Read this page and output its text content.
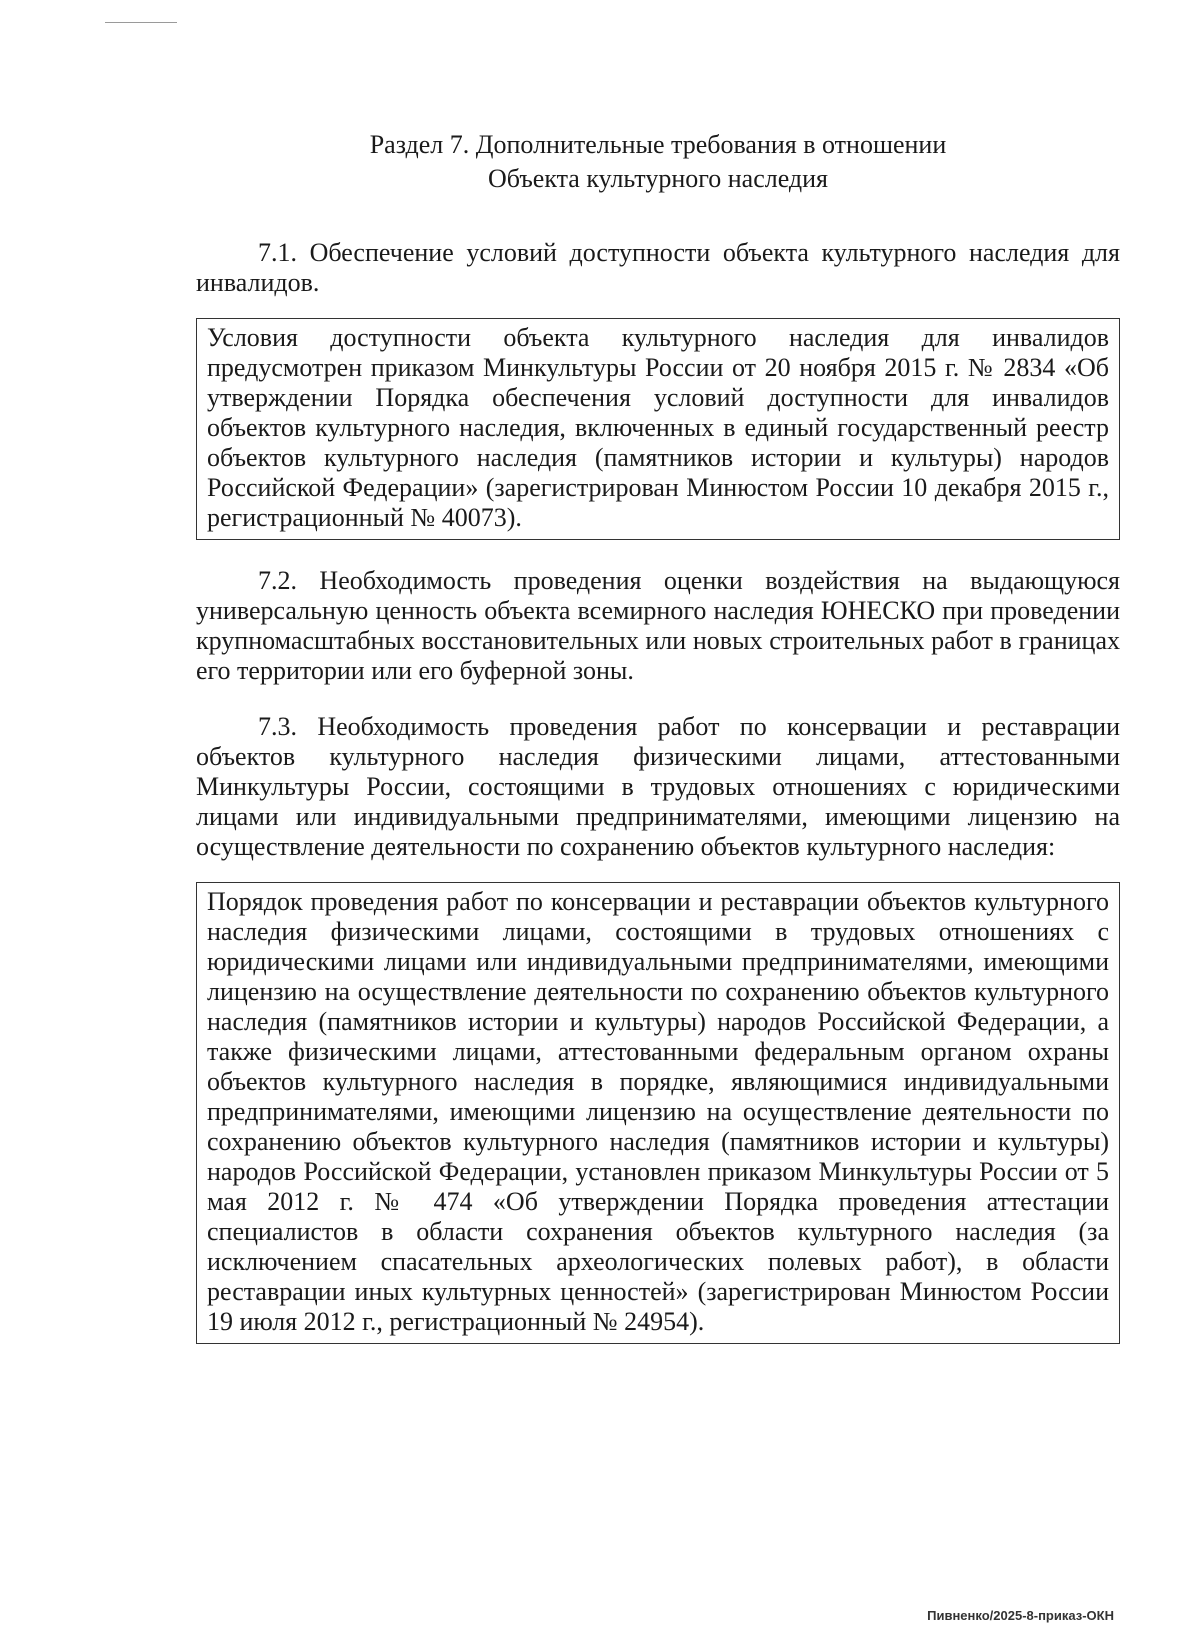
Раздел 7. Дополнительные требования в отношении
Объекта культурного наследия

7.1. Обеспечение условий доступности объекта культурного наследия для инвалидов.

Условия доступности объекта культурного наследия для инвалидов предусмотрен приказом Минкультуры России от 20 ноября 2015 г. № 2834 «Об утверждении Порядка обеспечения условий доступности для инвалидов объектов культурного наследия, включенных в единый государственный реестр объектов культурного наследия (памятников истории и культуры) народов Российской Федерации» (зарегистрирован Минюстом России 10 декабря 2015 г., регистрационный № 40073).

7.2. Необходимость проведения оценки воздействия на выдающуюся универсальную ценность объекта всемирного наследия ЮНЕСКО при проведении крупномасштабных восстановительных или новых строительных работ в границах его территории или его буферной зоны.

7.3. Необходимость проведения работ по консервации и реставрации объектов культурного наследия физическими лицами, аттестованными Минкультуры России, состоящими в трудовых отношениях с юридическими лицами или индивидуальными предпринимателями, имеющими лицензию на осуществление деятельности по сохранению объектов культурного наследия:

Порядок проведения работ по консервации и реставрации объектов культурного наследия физическими лицами, состоящими в трудовых отношениях с юридическими лицами или индивидуальными предпринимателями, имеющими лицензию на осуществление деятельности по сохранению объектов культурного наследия (памятников истории и культуры) народов Российской Федерации, а также физическими лицами, аттестованными федеральным органом охраны объектов культурного наследия в порядке, являющимися индивидуальными предпринимателями, имеющими лицензию на осуществление деятельности по сохранению объектов культурного наследия (памятников истории и культуры) народов Российской Федерации, установлен приказом Минкультуры России от 5 мая 2012 г. № 474 «Об утверждении Порядка проведения аттестации специалистов в области сохранения объектов культурного наследия (за исключением спасательных археологических полевых работ), в области реставрации иных культурных ценностей» (зарегистрирован Минюстом России 19 июля 2012 г., регистрационный № 24954).
Пивненко/2025-8-приказ-ОКН
